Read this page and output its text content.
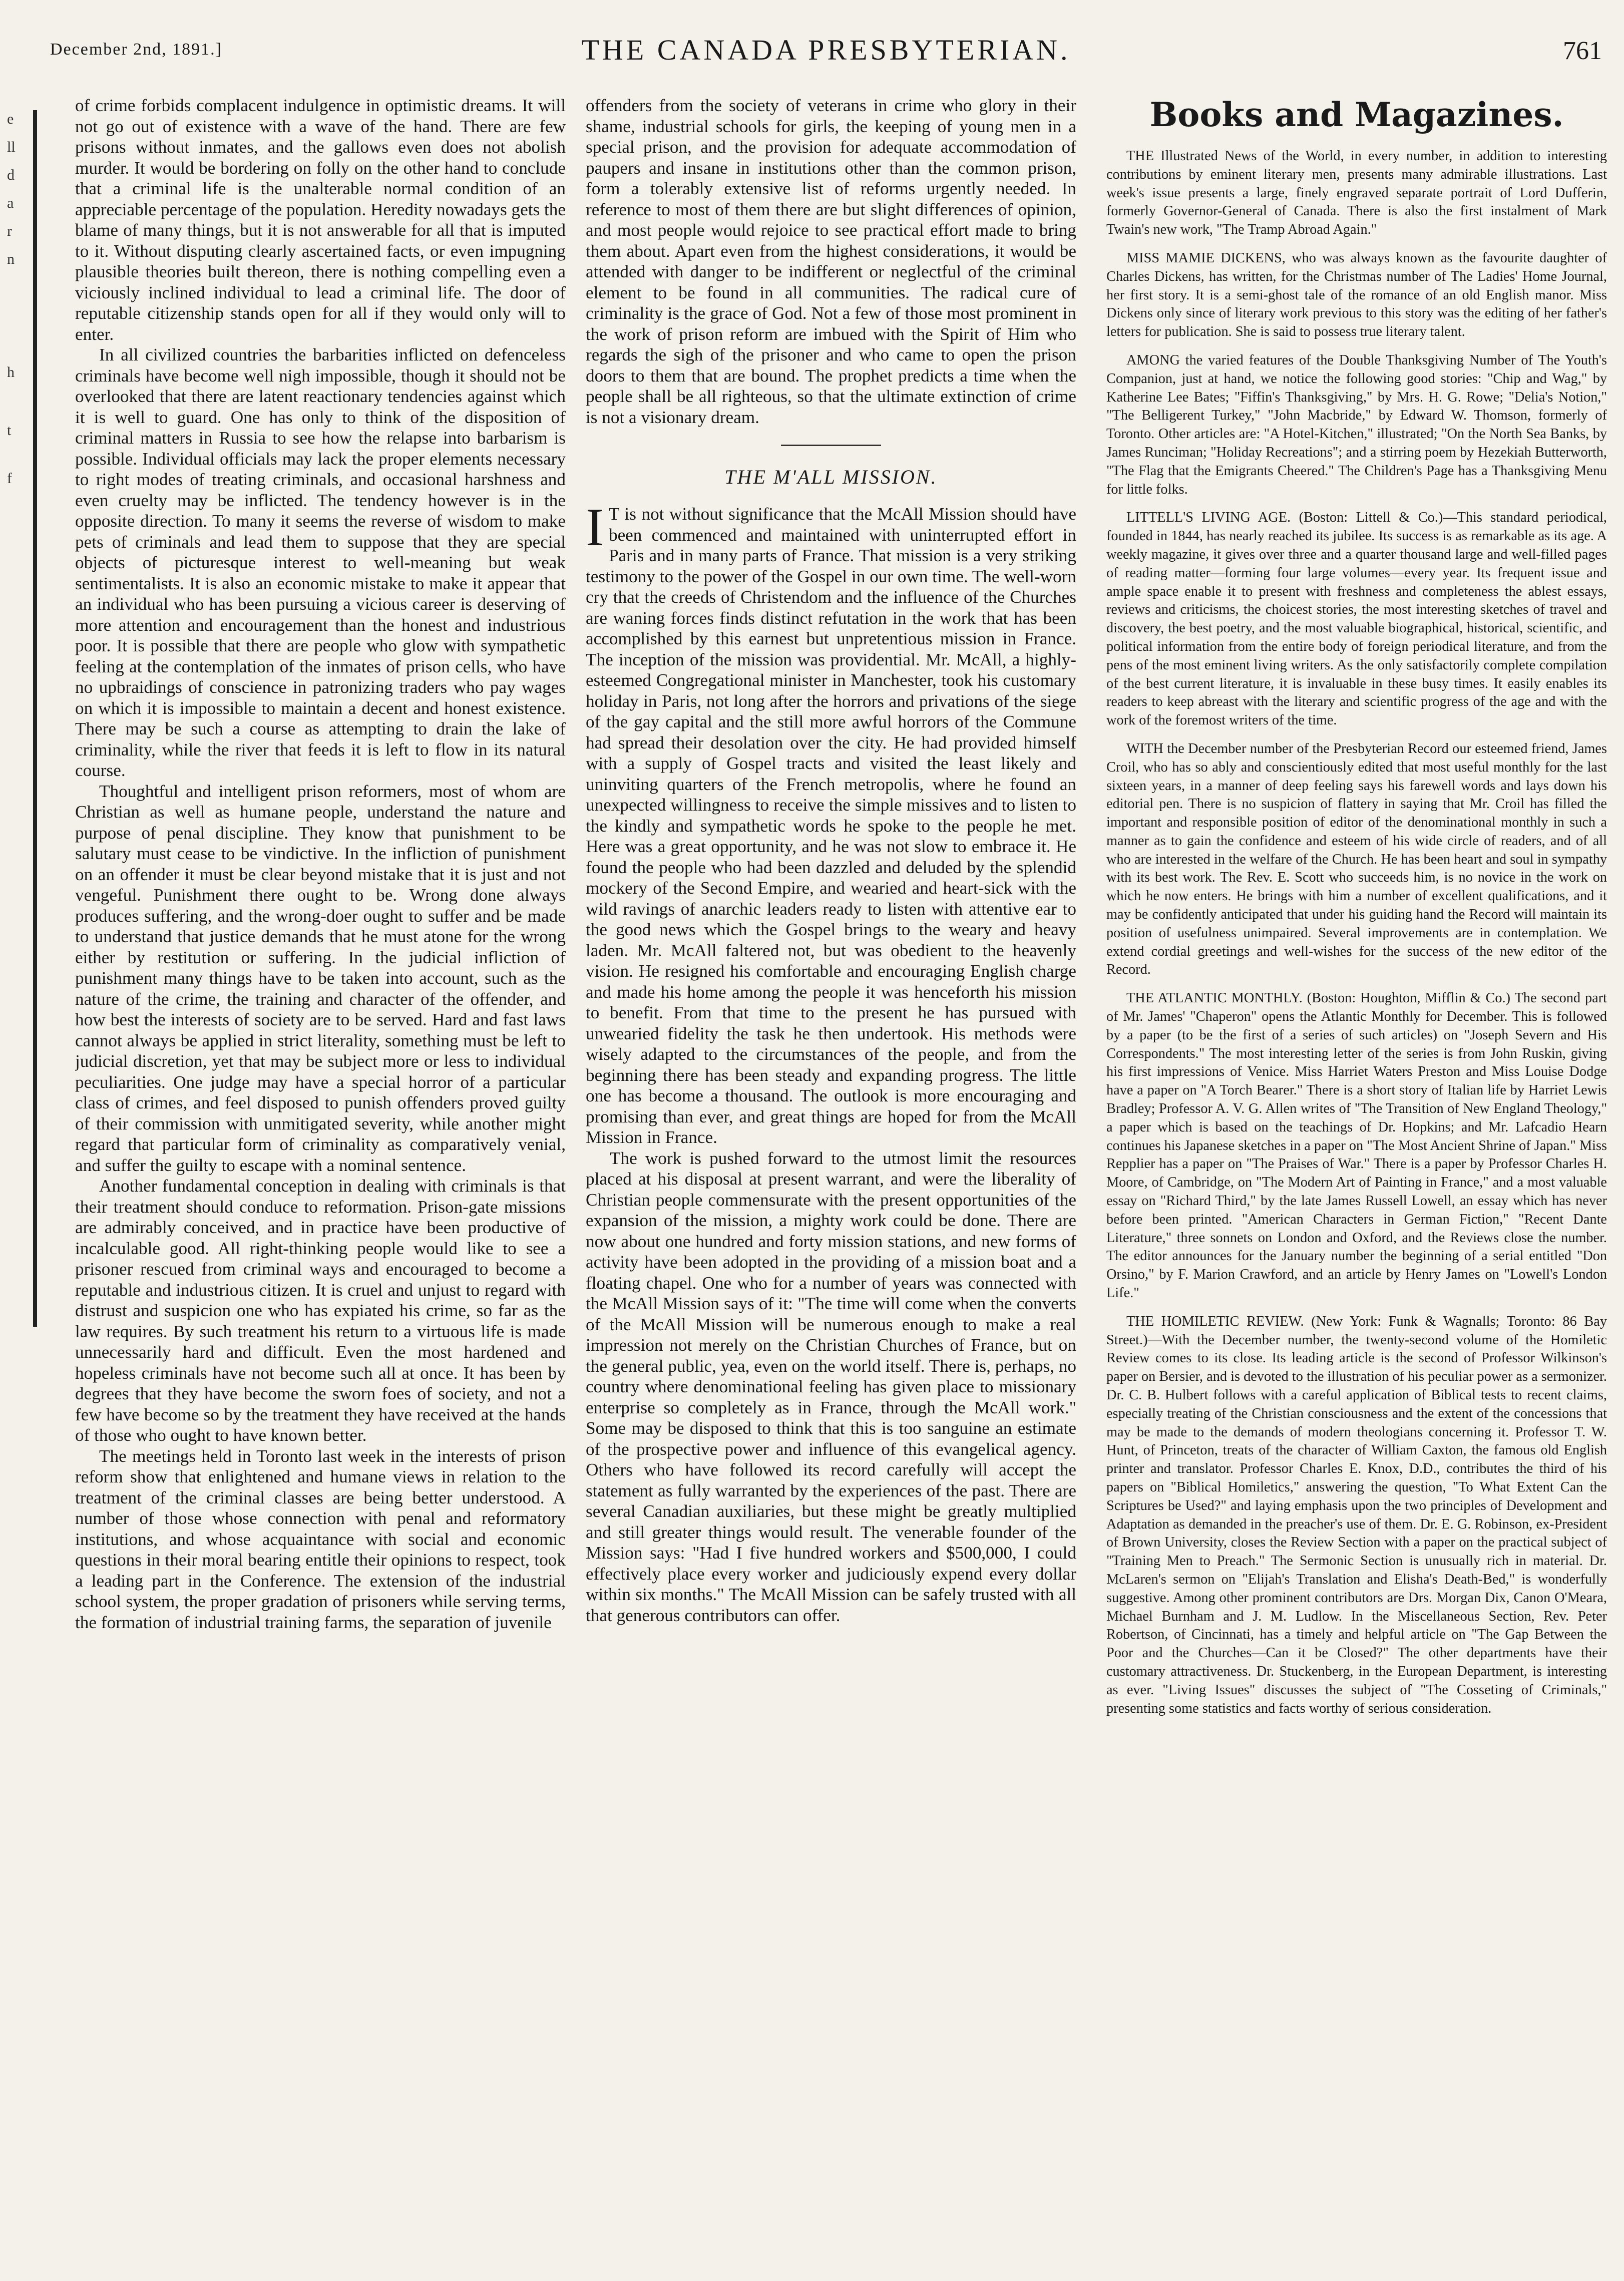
December 2nd, 1891.]	THE CANADA PRESBYTERIAN.	761
e
ll
d
a
r
n
h
t
f

of crime forbids complacent indulgence in optimistic dreams. It will not go out of existence with a wave of the hand. There are few prisons without inmates, and the gallows even does not abolish murder. It would be bordering on folly on the other hand to conclude that a criminal life is the unalterable normal condition of an appreciable percentage of the population. Heredity nowadays gets the blame of many things, but it is not answerable for all that is imputed to it. Without disputing clearly ascertained facts, or even impugning plausible theories built thereon, there is nothing compelling even a viciously inclined individual to lead a criminal life. The door of reputable citizenship stands open for all if they would only will to enter.

In all civilized countries the barbarities inflicted on defenceless criminals have become well nigh impossible, though it should not be overlooked that there are latent reactionary tendencies against which it is well to guard. One has only to think of the disposition of criminal matters in Russia to see how the relapse into barbarism is possible. Individual officials may lack the proper elements necessary to right modes of treating criminals, and occasional harshness and even cruelty may be inflicted. The tendency however is in the opposite direction. To many it seems the reverse of wisdom to make pets of criminals and lead them to suppose that they are special objects of picturesque interest to well-meaning but weak sentimentalists. It is also an economic mistake to make it appear that an individual who has been pursuing a vicious career is deserving of more attention and encouragement than the honest and industrious poor. It is possible that there are people who glow with sympathetic feeling at the contemplation of the inmates of prison cells, who have no upbraidings of conscience in patronizing traders who pay wages on which it is impossible to maintain a decent and honest existence. There may be such a course as attempting to drain the lake of criminality, while the river that feeds it is left to flow in its natural course.

Thoughtful and intelligent prison reformers, most of whom are Christian as well as humane people, understand the nature and purpose of penal discipline. They know that punishment to be salutary must cease to be vindictive. In the infliction of punishment on an offender it must be clear beyond mistake that it is just and not vengeful. Punishment there ought to be. Wrong done always produces suffering, and the wrong-doer ought to suffer and be made to understand that justice demands that he must atone for the wrong either by restitution or suffering. In the judicial infliction of punishment many things have to be taken into account, such as the nature of the crime, the training and character of the offender, and how best the interests of society are to be served. Hard and fast laws cannot always be applied in strict literality, something must be left to judicial discretion, yet that may be subject more or less to individual peculiarities. One judge may have a special horror of a particular class of crimes, and feel disposed to punish offenders proved guilty of their commission with unmitigated severity, while another might regard that particular form of criminality as comparatively venial, and suffer the guilty to escape with a nominal sentence.

Another fundamental conception in dealing with criminals is that their treatment should conduce to reformation. Prison-gate missions are admirably conceived, and in practice have been productive of incalculable good. All right-thinking people would like to see a prisoner rescued from criminal ways and encouraged to become a reputable and industrious citizen. It is cruel and unjust to regard with distrust and suspicion one who has expiated his crime, so far as the law requires. By such treatment his return to a virtuous life is made unnecessarily hard and difficult. Even the most hardened and hopeless criminals have not become such all at once. It has been by degrees that they have become the sworn foes of society, and not a few have become so by the treatment they have received at the hands of those who ought to have known better.

The meetings held in Toronto last week in the interests of prison reform show that enlightened and humane views in relation to the treatment of the criminal classes are being better understood. A number of those whose connection with penal and reformatory institutions, and whose acquaintance with social and economic questions in their moral bearing entitle their opinions to respect, took a leading part in the Conference. The extension of the industrial school system, the proper gradation of prisoners while serving terms, the formation of industrial training farms, the separation of juvenile

offenders from the society of veterans in crime who glory in their shame, industrial schools for girls, the keeping of young men in a special prison, and the provision for adequate accommodation of paupers and insane in institutions other than the common prison, form a tolerably extensive list of reforms urgently needed. In reference to most of them there are but slight differences of opinion, and most people would rejoice to see practical effort made to bring them about. Apart even from the highest considerations, it would be attended with danger to be indifferent or neglectful of the criminal element to be found in all communities. The radical cure of criminality is the grace of God. Not a few of those most prominent in the work of prison reform are imbued with the Spirit of Him who regards the sigh of the prisoner and who came to open the prison doors to them that are bound. The prophet predicts a time when the people shall be all righteous, so that the ultimate extinction of crime is not a visionary dream.

THE M'ALL MISSION.

I T is not without significance that the McAll Mission should have been commenced and maintained with uninterrupted effort in Paris and in many parts of France. That mission is a very striking testimony to the power of the Gospel in our own time. The well-worn cry that the creeds of Christendom and the influence of the Churches are waning forces finds distinct refutation in the work that has been accomplished by this earnest but unpretentious mission in France. The inception of the mission was providential. Mr. McAll, a highly-esteemed Congregational minister in Manchester, took his customary holiday in Paris, not long after the horrors and privations of the siege of the gay capital and the still more awful horrors of the Commune had spread their desolation over the city. He had provided himself with a supply of Gospel tracts and visited the least likely and uninviting quarters of the French metropolis, where he found an unexpected willingness to receive the simple missives and to listen to the kindly and sympathetic words he spoke to the people he met. Here was a great opportunity, and he was not slow to embrace it. He found the people who had been dazzled and deluded by the splendid mockery of the Second Empire, and wearied and heart-sick with the wild ravings of anarchic leaders ready to listen with attentive ear to the good news which the Gospel brings to the weary and heavy laden. Mr. McAll faltered not, but was obedient to the heavenly vision. He resigned his comfortable and encouraging English charge and made his home among the people it was henceforth his mission to benefit. From that time to the present he has pursued with unwearied fidelity the task he then undertook. His methods were wisely adapted to the circumstances of the people, and from the beginning there has been steady and expanding progress. The little one has become a thousand. The outlook is more encouraging and promising than ever, and great things are hoped for from the McAll Mission in France.

The work is pushed forward to the utmost limit the resources placed at his disposal at present warrant, and were the liberality of Christian people commensurate with the present opportunities of the expansion of the mission, a mighty work could be done. There are now about one hundred and forty mission stations, and new forms of activity have been adopted in the providing of a mission boat and a floating chapel. One who for a number of years was connected with the McAll Mission says of it: "The time will come when the converts of the McAll Mission will be numerous enough to make a real impression not merely on the Christian Churches of France, but on the general public, yea, even on the world itself. There is, perhaps, no country where denominational feeling has given place to missionary enterprise so completely as in France, through the McAll work." Some may be disposed to think that this is too sanguine an estimate of the prospective power and influence of this evangelical agency. Others who have followed its record carefully will accept the statement as fully warranted by the experiences of the past. There are several Canadian auxiliaries, but these might be greatly multiplied and still greater things would result. The venerable founder of the Mission says: "Had I five hundred workers and $500,000, I could effectively place every worker and judiciously expend every dollar within six months." The McAll Mission can be safely trusted with all that generous contributors can offer.

Books and Magazines.

THE Illustrated News of the World, in every number, in addition to interesting contributions by eminent literary men, presents many admirable illustrations. Last week's issue presents a large, finely engraved separate portrait of Lord Dufferin, formerly Governor-General of Canada. There is also the first instalment of Mark Twain's new work, "The Tramp Abroad Again."

MISS MAMIE DICKENS, who was always known as the favourite daughter of Charles Dickens, has written, for the Christmas number of The Ladies' Home Journal, her first story. It is a semi-ghost tale of the romance of an old English manor. Miss Dickens only since of literary work previous to this story was the editing of her father's letters for publication. She is said to possess true literary talent.

AMONG the varied features of the Double Thanksgiving Number of The Youth's Companion, just at hand, we notice the following good stories: "Chip and Wag," by Katherine Lee Bates; "Fiffin's Thanksgiving," by Mrs. H. G. Rowe; "Delia's Notion," "The Belligerent Turkey," "John Macbride," by Edward W. Thomson, formerly of Toronto. Other articles are: "A Hotel-Kitchen," illustrated; "On the North Sea Banks, by James Runciman; "Holiday Recreations"; and a stirring poem by Hezekiah Butterworth, "The Flag that the Emigrants Cheered." The Children's Page has a Thanksgiving Menu for little folks.

LITTELL'S LIVING AGE. (Boston: Littell & Co.)—This standard periodical, founded in 1844, has nearly reached its jubilee. Its success is as remarkable as its age. A weekly magazine, it gives over three and a quarter thousand large and well-filled pages of reading matter—forming four large volumes—every year. Its frequent issue and ample space enable it to present with freshness and completeness the ablest essays, reviews and criticisms, the choicest stories, the most interesting sketches of travel and discovery, the best poetry, and the most valuable biographical, historical, scientific, and political information from the entire body of foreign periodical literature, and from the pens of the most eminent living writers. As the only satisfactorily complete compilation of the best current literature, it is invaluable in these busy times. It easily enables its readers to keep abreast with the literary and scientific progress of the age and with the work of the foremost writers of the time.

WITH the December number of the Presbyterian Record our esteemed friend, James Croil, who has so ably and conscientiously edited that most useful monthly for the last sixteen years, in a manner of deep feeling says his farewell words and lays down his editorial pen. There is no suspicion of flattery in saying that Mr. Croil has filled the important and responsible position of editor of the denominational monthly in such a manner as to gain the confidence and esteem of his wide circle of readers, and of all who are interested in the welfare of the Church. He has been heart and soul in sympathy with its best work. The Rev. E. Scott who succeeds him, is no novice in the work on which he now enters. He brings with him a number of excellent qualifications, and it may be confidently anticipated that under his guiding hand the Record will maintain its position of usefulness unimpaired. Several improvements are in contemplation. We extend cordial greetings and well-wishes for the success of the new editor of the Record.

THE ATLANTIC MONTHLY. (Boston: Houghton, Mifflin & Co.) The second part of Mr. James' "Chaperon" opens the Atlantic Monthly for December. This is followed by a paper (to be the first of a series of such articles) on "Joseph Severn and His Correspondents." The most interesting letter of the series is from John Ruskin, giving his first impressions of Venice. Miss Harriet Waters Preston and Miss Louise Dodge have a paper on "A Torch Bearer." There is a short story of Italian life by Harriet Lewis Bradley; Professor A. V. G. Allen writes of "The Transition of New England Theology," a paper which is based on the teachings of Dr. Hopkins; and Mr. Lafcadio Hearn continues his Japanese sketches in a paper on "The Most Ancient Shrine of Japan." Miss Repplier has a paper on "The Praises of War." There is a paper by Professor Charles H. Moore, of Cambridge, on "The Modern Art of Painting in France," and a most valuable essay on "Richard Third," by the late James Russell Lowell, an essay which has never before been printed. "American Characters in German Fiction," "Recent Dante Literature," three sonnets on London and Oxford, and the Reviews close the number. The editor announces for the January number the beginning of a serial entitled "Don Orsino," by F. Marion Crawford, and an article by Henry James on "Lowell's London Life."

THE HOMILETIC REVIEW. (New York: Funk & Wagnalls; Toronto: 86 Bay Street.)—With the December number, the twenty-second volume of the Homiletic Review comes to its close. Its leading article is the second of Professor Wilkinson's paper on Bersier, and is devoted to the illustration of his peculiar power as a sermonizer. Dr. C. B. Hulbert follows with a careful application of Biblical tests to recent claims, especially treating of the Christian consciousness and the extent of the concessions that may be made to the demands of modern theologians concerning it. Professor T. W. Hunt, of Princeton, treats of the character of William Caxton, the famous old English printer and translator. Professor Charles E. Knox, D.D., contributes the third of his papers on "Biblical Homiletics," answering the question, "To What Extent Can the Scriptures be Used?" and laying emphasis upon the two principles of Development and Adaptation as demanded in the preacher's use of them. Dr. E. G. Robinson, ex-President of Brown University, closes the Review Section with a paper on the practical subject of "Training Men to Preach." The Sermonic Section is unusually rich in material. Dr. McLaren's sermon on "Elijah's Translation and Elisha's Death-Bed," is wonderfully suggestive. Among other prominent contributors are Drs. Morgan Dix, Canon O'Meara, Michael Burnham and J. M. Ludlow. In the Miscellaneous Section, Rev. Peter Robertson, of Cincinnati, has a timely and helpful article on "The Gap Between the Poor and the Churches—Can it be Closed?" The other departments have their customary attractiveness. Dr. Stuckenberg, in the European Department, is interesting as ever. "Living Issues" discusses the subject of "The Cosseting of Criminals," presenting some statistics and facts worthy of serious consideration.
